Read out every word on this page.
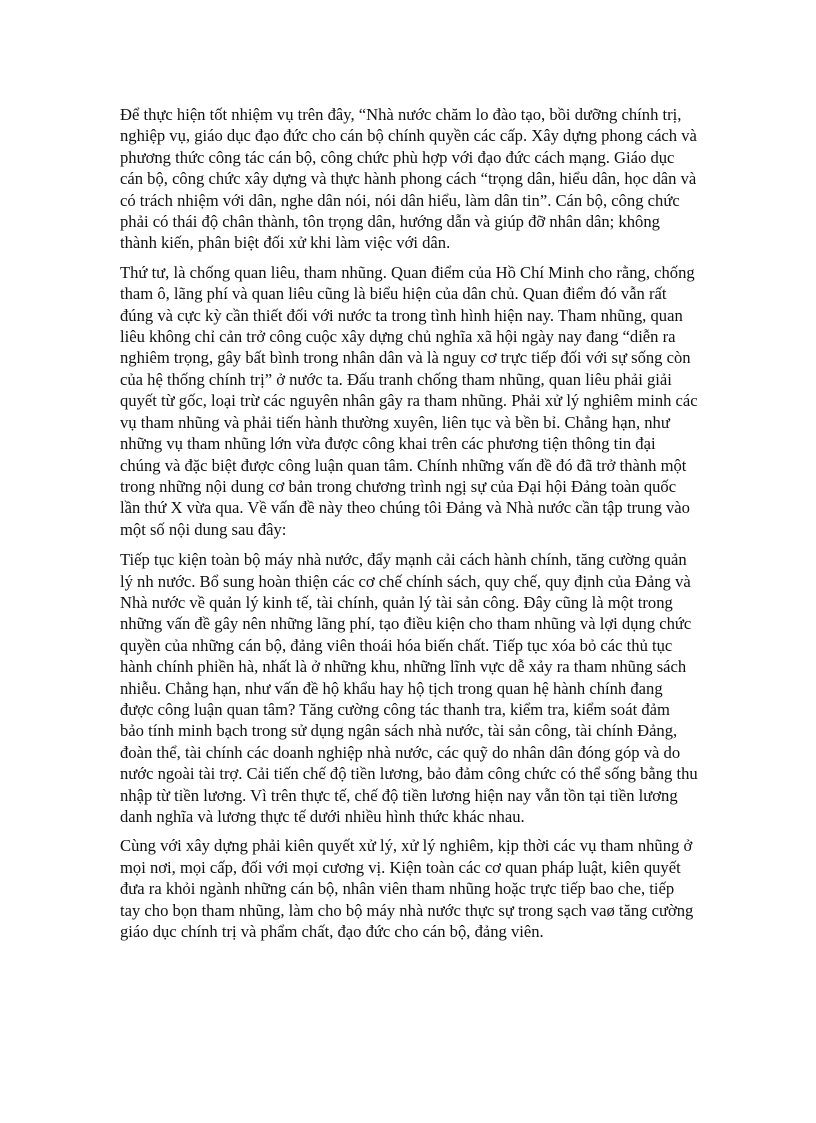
Để thực hiện tốt nhiệm vụ trên đây, “Nhà nước chăm lo đào tạo, bồi dưỡng chính trị, nghiệp vụ, giáo dục đạo đức cho cán bộ chính quyền các cấp. Xây dựng phong cách và phương thức công tác cán bộ, công chức phù hợp với đạo đức cách mạng. Giáo dục cán bộ, công chức xây dựng và thực hành phong cách “trọng dân, hiểu dân, học dân và có trách nhiệm với dân, nghe dân nói, nói dân hiểu, làm dân tin”. Cán bộ, công chức phải có thái độ chân thành, tôn trọng dân, hướng dẫn và giúp đỡ nhân dân; không thành kiến, phân biệt đối xử khi làm việc với dân.

Thứ tư, là chống quan liêu, tham nhũng. Quan điểm của Hồ Chí Minh cho rằng, chống tham ô, lãng phí và quan liêu cũng là biểu hiện của dân chủ. Quan điểm đó vẫn rất đúng và cực kỳ cần thiết đối với nước ta trong tình hình hiện nay. Tham nhũng, quan liêu không chỉ cản trở công cuộc xây dựng chủ nghĩa xã hội ngày nay đang “diễn ra nghiêm trọng, gây bất bình trong nhân dân và là nguy cơ trực tiếp đối với sự sống còn của hệ thống chính trị” ở nước ta. Đấu tranh chống tham nhũng, quan liêu phải giải quyết từ gốc, loại trừ các nguyên nhân gây ra tham nhũng. Phải xử lý nghiêm minh các vụ tham nhũng và phải tiến hành thường xuyên, liên tục và bền bỉ. Chẳng hạn, như những vụ tham nhũng lớn vừa được công khai trên các phương tiện thông tin đại chúng và đặc biệt được công luận quan tâm. Chính những vấn đề đó đã trở thành một trong những nội dung cơ bản trong chương trình ngị sự của Đại hội Đảng toàn quốc lần thứ X vừa qua. Về vấn đề này theo chúng tôi Đảng và Nhà nước cần tập trung vào một số nội dung sau đây:

Tiếp tục kiện toàn bộ máy nhà nước, đẩy mạnh cải cách hành chính, tăng cường quản lý nh nước. Bổ sung hoàn thiện các cơ chế chính sách, quy chế, quy định của Đảng và Nhà nước về quản lý kinh tế, tài chính, quản lý tài sản công. Đây cũng là một trong những vấn đề gây nên những lãng phí, tạo điều kiện cho tham nhũng và lợi dụng chức quyền của những cán bộ, đảng viên thoái hóa biến chất. Tiếp tục xóa bỏ các thủ tục hành chính phiền hà, nhất là ở những khu, những lĩnh vực dễ xảy ra tham nhũng sách nhiễu. Chẳng hạn, như vấn đề hộ khẩu hay hộ tịch trong quan hệ hành chính đang được công luận quan tâm? Tăng cường công tác thanh tra, kiểm tra, kiểm soát đảm bảo tính minh bạch trong sử dụng ngân sách nhà nước, tài sản công, tài chính Đảng, đoàn thể, tài chính các doanh nghiệp nhà nước, các quỹ do nhân dân đóng góp và do nước ngoài tài trợ. Cải tiến chế độ tiền lương, bảo đảm công chức có thể sống bằng thu nhập từ tiền lương. Vì trên thực tế, chế độ tiền lương hiện nay vẫn tồn tại tiền lương danh nghĩa và lương thực tế dưới nhiều hình thức khác nhau.

Cùng với xây dựng phải kiên quyết xử lý, xử lý nghiêm, kịp thời các vụ tham nhũng ở mọi nơi, mọi cấp, đối với mọi cương vị. Kiện toàn các cơ quan pháp luật, kiên quyết đưa ra khỏi ngành những cán bộ, nhân viên tham nhũng hoặc trực tiếp bao che, tiếp tay cho bọn tham nhũng, làm cho bộ máy nhà nước thực sự trong sạch vaø tăng cường giáo dục chính trị và phẩm chất, đạo đức cho cán bộ, đảng viên.
